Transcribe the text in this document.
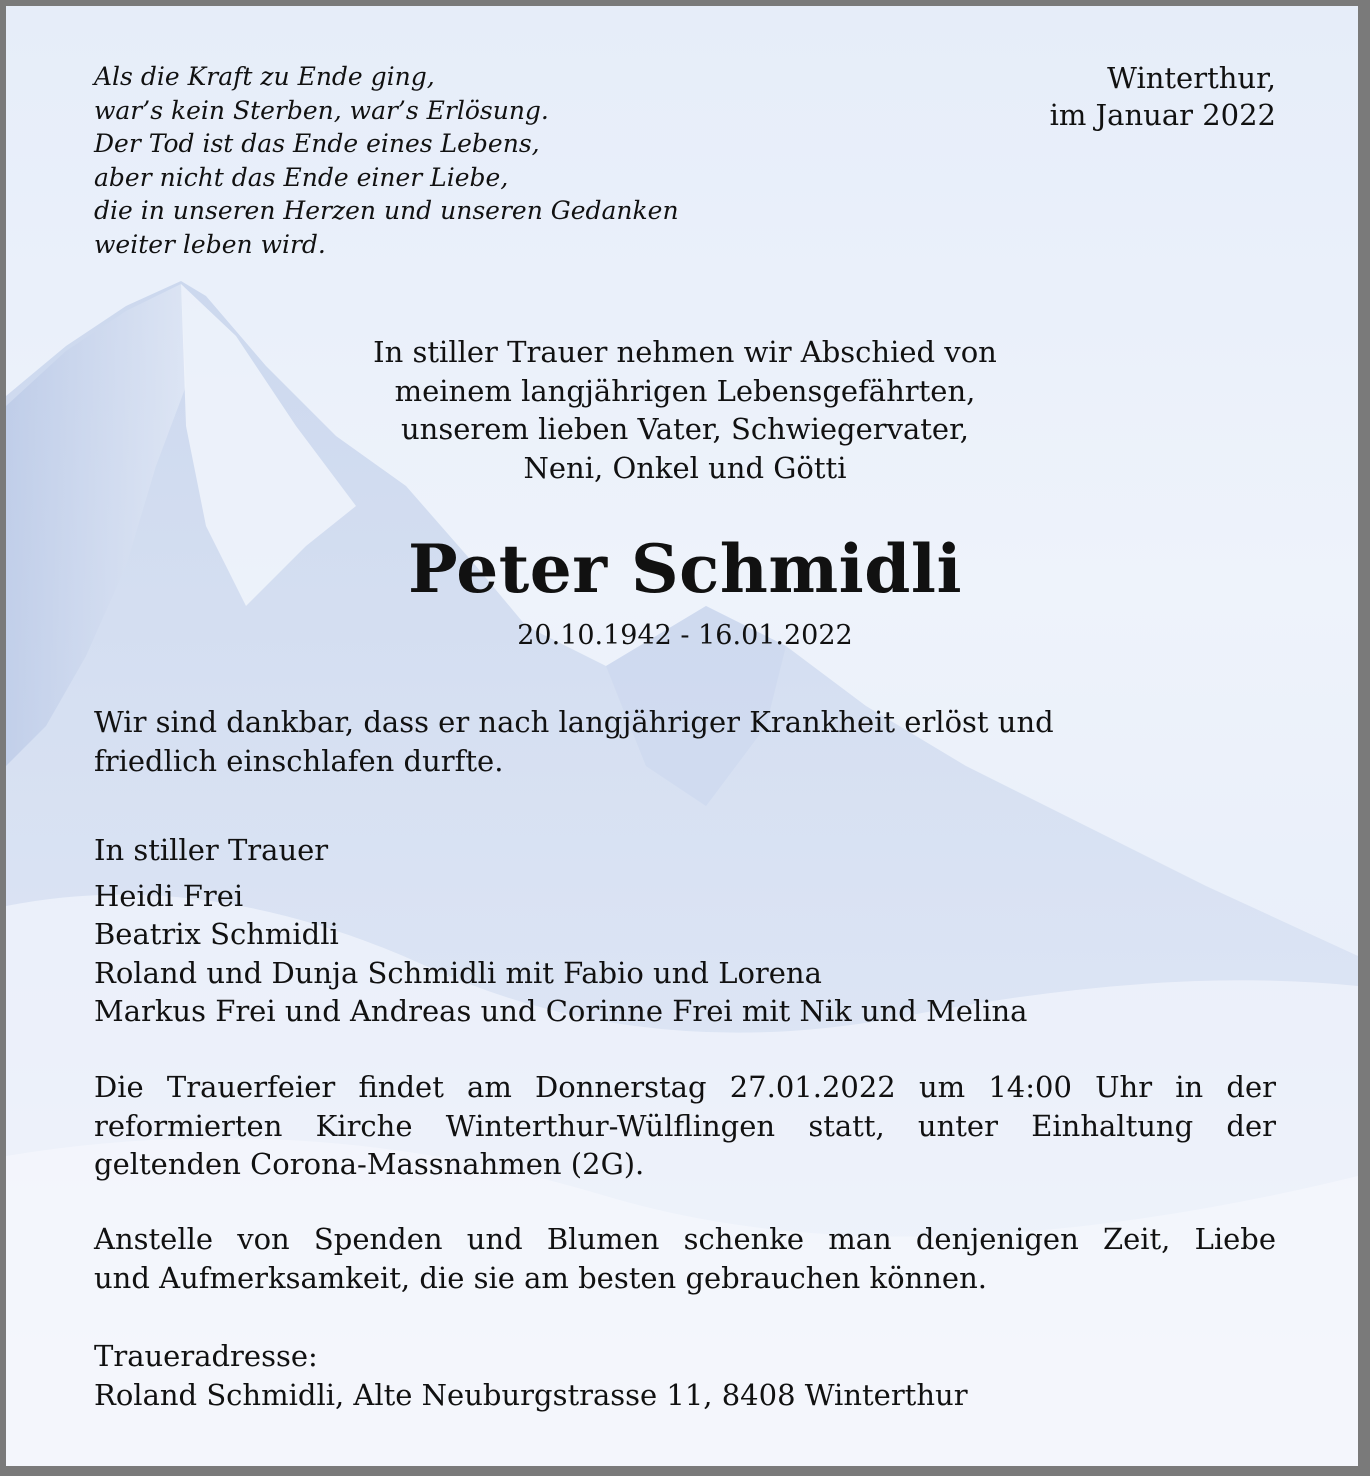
Als die Kraft zu Ende ging,
war’s kein Sterben, war’s Erlösung.
Der Tod ist das Ende eines Lebens,
aber nicht das Ende einer Liebe,
die in unseren Herzen und unseren Gedanken
weiter leben wird.
Winterthur,
im Januar 2022
In stiller Trauer nehmen wir Abschied von
meinem langjährigen Lebensgefährten,
unserem lieben Vater, Schwiegervater,
Neni, Onkel und Götti
Peter Schmidli
20.10.1942 - 16.01.2022
Wir sind dankbar, dass er nach langjähriger Krankheit erlöst und
friedlich einschlafen durfte.
In stiller Trauer
Heidi Frei
Beatrix Schmidli
Roland und Dunja Schmidli mit Fabio und Lorena
Markus Frei und Andreas und Corinne Frei mit Nik und Melina
Die Trauerfeier findet am Donnerstag 27.01.2022 um 14:00 Uhr in der
reformierten Kirche Winterthur-Wülflingen statt, unter Einhaltung der
geltenden Corona-Massnahmen (2G).
Anstelle von Spenden und Blumen schenke man denjenigen Zeit, Liebe
und Aufmerksamkeit, die sie am besten gebrauchen können.
Traueradresse:
Roland Schmidli, Alte Neuburgstrasse 11, 8408 Winterthur
